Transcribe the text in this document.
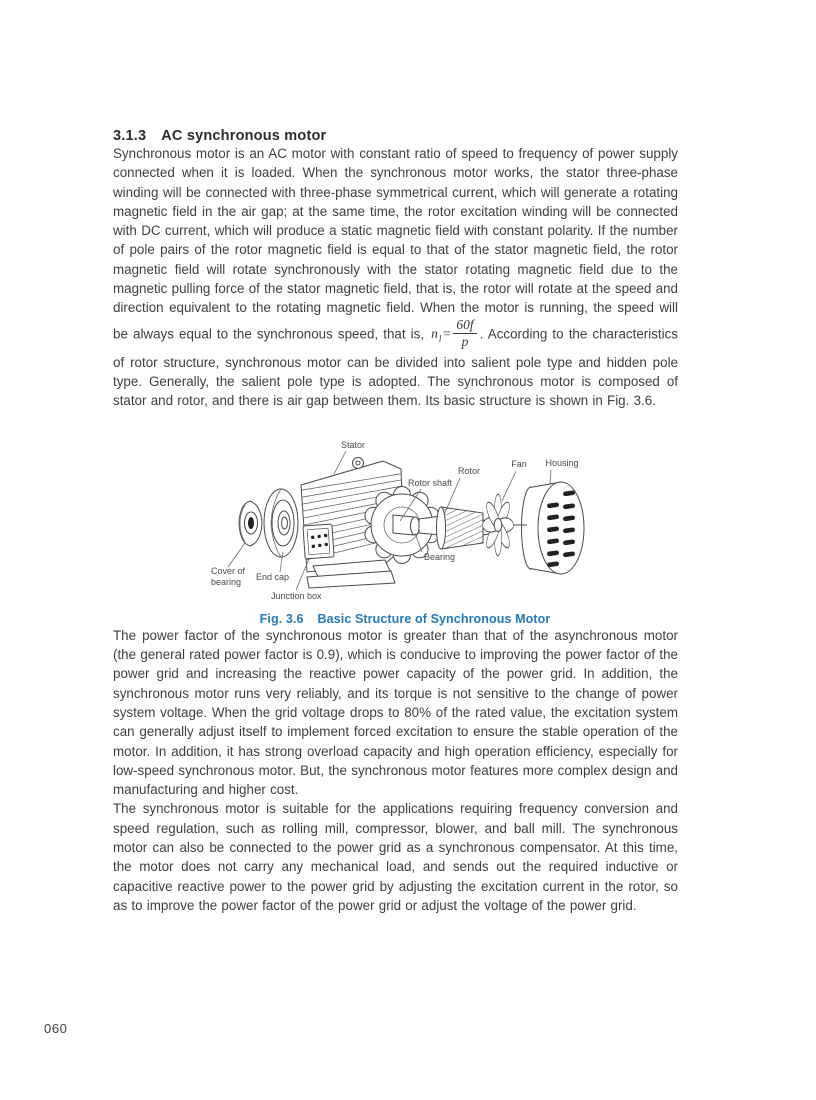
3.1.3 AC synchronous motor

Synchronous motor is an AC motor with constant ratio of speed to frequency of power supply connected when it is loaded. When the synchronous motor works, the stator three-phase winding will be connected with three-phase symmetrical current, which will generate a rotating magnetic field in the air gap; at the same time, the rotor excitation winding will be connected with DC current, which will produce a static magnetic field with constant polarity. If the number of pole pairs of the rotor magnetic field is equal to that of the stator magnetic field, the rotor magnetic field will rotate synchronously with the stator rotating magnetic field due to the magnetic pulling force of the stator magnetic field, that is, the rotor will rotate at the speed and direction equivalent to the rotating magnetic field. When the motor is running, the speed will be always equal to the synchronous speed, that is, $n_1= \frac{60f}{p}$ . According to the characteristics of rotor structure, synchronous motor can be divided into salient pole type and hidden pole type. Generally, the salient pole type is adopted. The synchronous motor is composed of stator and rotor, and there is air gap between them. Its basic structure is shown in Fig. 3.6.

Stator
Rotor shaft
Rotor
Fan Housing
Bearing
Cover of
bearing End cap
Junction box
Fig. 3.6 Basic Structure of Synchronous Motor

The power factor of the synchronous motor is greater than that of the asynchronous motor (the general rated power factor is 0.9), which is conducive to improving the power factor of the power grid and increasing the reactive power capacity of the power grid. In addition, the synchronous motor runs very reliably, and its torque is not sensitive to the change of power system voltage. When the grid voltage drops to 80% of the rated value, the excitation system can generally adjust itself to implement forced excitation to ensure the stable operation of the motor. In addition, it has strong overload capacity and high operation efficiency, especially for low-speed synchronous motor. But, the synchronous motor features more complex design and manufacturing and higher cost.

The synchronous motor is suitable for the applications requiring frequency conversion and speed regulation, such as rolling mill, compressor, blower, and ball mill. The synchronous motor can also be connected to the power grid as a synchronous compensator. At this time, the motor does not carry any mechanical load, and sends out the required inductive or capacitive reactive power to the power grid by adjusting the excitation current in the rotor, so as to improve the power factor of the power grid or adjust the voltage of the power grid.

060
